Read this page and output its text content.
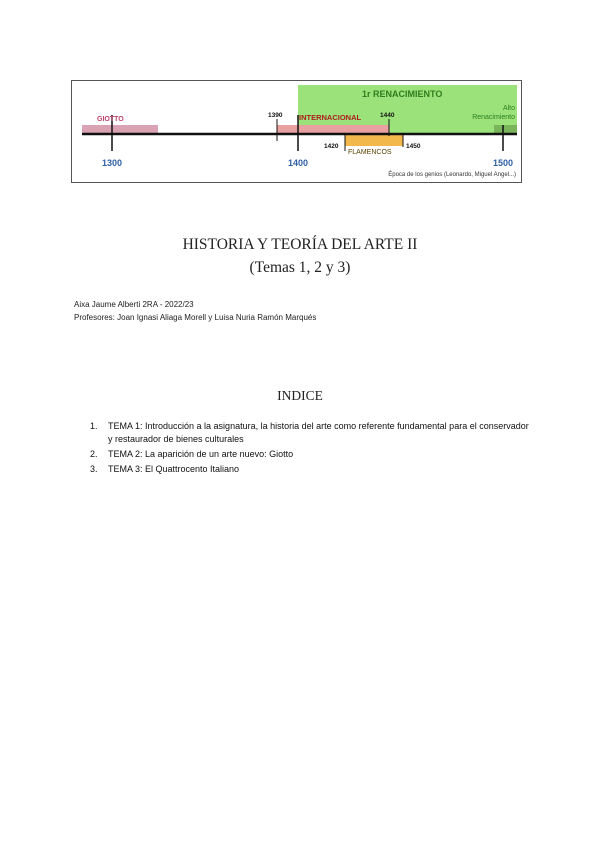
1r RENACIMIENTO
Alto
Renacimiento
GIOTTO	INTERNACIONAL
FLAMENCOS
1390	1440
1420	1450
1300	1400	1500
Época de los genios (Leonardo, Miguel Angel...)
HISTORIA Y TEORÍA DEL ARTE II
(Temas 1, 2 y 3)
Aixa Jaume Alberti 2RA - 2022/23
Profesores: Joan Ignasi Aliaga Morell y Luisa Nuria Ramón Marqués
INDICE
1. TEMA 1: Introducción a la asignatura, la historia del arte como referente fundamental para el conservador y restaurador de bienes culturales
2. TEMA 2: La aparición de un arte nuevo: Giotto
3. TEMA 3: El Quattrocento Italiano
